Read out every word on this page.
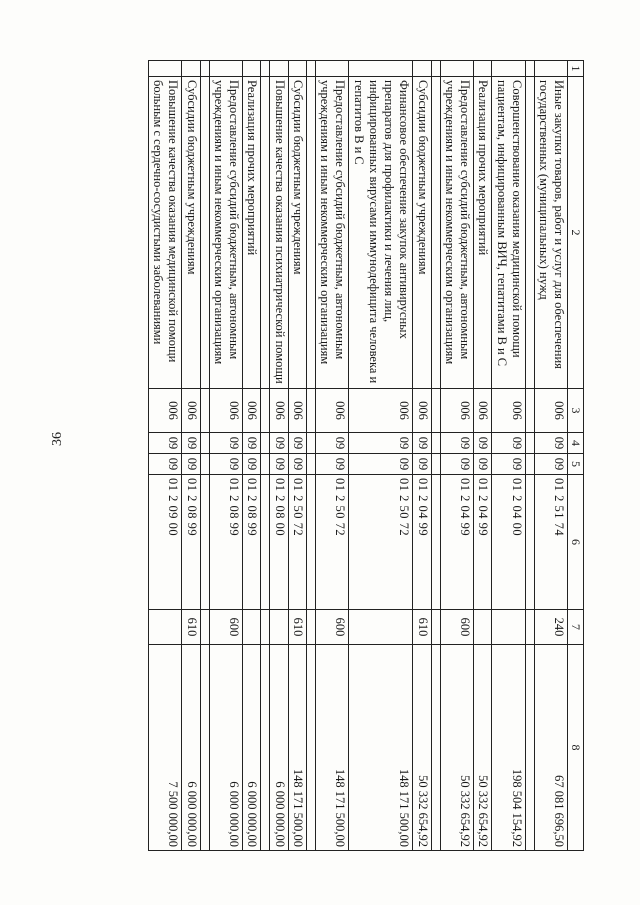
36
1	2	3	4	5	6	7	8
	Иные закупки товаров, работ и услуг для обеспечения государственных (муниципальных) нужд	006	09	09	01 2 51 74	240	67 081 696,50

	Совершенствование оказания медицинской помощи пациентам, инфицированным ВИЧ, гепатитами В и С	006	09	09	01 2 04 00		198 504 154,92
	Реализация прочих мероприятий	006	09	09	01 2 04 99		50 332 654,92
	Предоставление субсидий бюджетным, автономным учреждениям и иным некоммерческим организациям	006	09	09	01 2 04 99	600	50 332 654,92

	Субсидии бюджетным учреждениям	006	09	09	01 2 04 99	610	50 332 654,92
	Финансовое обеспечение закупок антивирусных препаратов для профилактики и лечения лиц, инфицированных вирусами иммунодефицита человека и гепатитов В и С	006	09	09	01 2 50 72		148 171 500,00
	Предоставление субсидий бюджетным, автономным учреждениям и иным некоммерческим организациям	006	09	09	01 2 50 72	600	148 171 500,00

	Субсидии бюджетным учреждениям	006	09	09	01 2 50 72	610	148 171 500,00
	Повышение качества оказания психиатрической помощи	006	09	09	01 2 08 00		6 000 000,00

	Реализация прочих мероприятий	006	09	09	01 2 08 99		6 000 000,00
	Предоставление субсидий бюджетным, автономным учреждениям и иным некоммерческим организациям	006	09	09	01 2 08 99	600	6 000 000,00

	Субсидии бюджетным учреждениям	006	09	09	01 2 08 99	610	6 000 000,00
	Повышение качества оказания медицинской помощи больным с сердечно-сосудистыми заболеваниями	006	09	09	01 2 09 00		7 500 000,00
